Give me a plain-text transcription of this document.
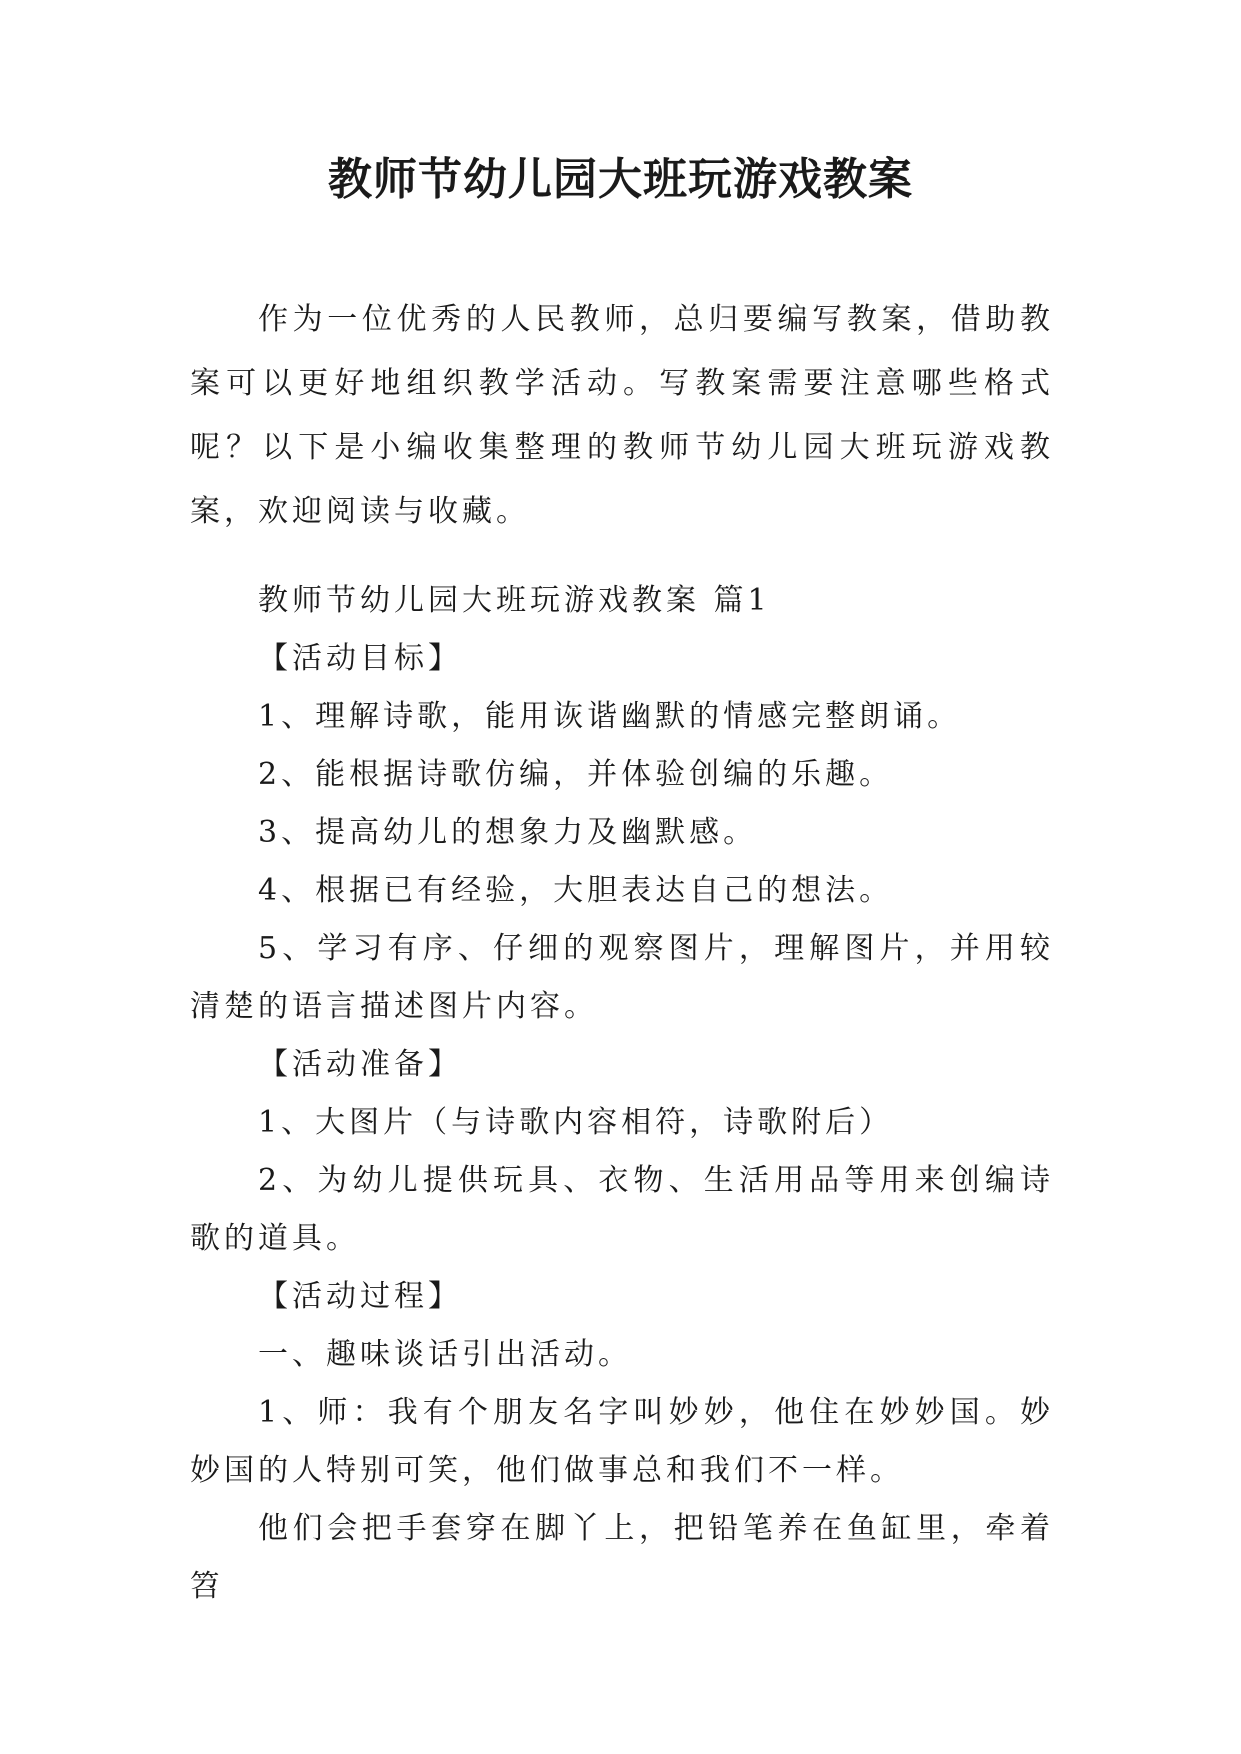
教师节幼儿园大班玩游戏教案

作为一位优秀的人民教师，总归要编写教案，借助教案可以更好地组织教学活动。写教案需要注意哪些格式呢？以下是小编收集整理的教师节幼儿园大班玩游戏教案，欢迎阅读与收藏。

教师节幼儿园大班玩游戏教案 篇1

【活动目标】

1、理解诗歌，能用诙谐幽默的情感完整朗诵。

2、能根据诗歌仿编，并体验创编的乐趣。

3、提高幼儿的想象力及幽默感。

4、根据已有经验，大胆表达自己的想法。

5、学习有序、仔细的观察图片，理解图片，并用较清楚的语言描述图片内容。

【活动准备】

1、大图片（与诗歌内容相符，诗歌附后）

2、为幼儿提供玩具、衣物、生活用品等用来创编诗歌的道具。

【活动过程】

一、趣味谈话引出活动。

1、师：我有个朋友名字叫妙妙，他住在妙妙国。妙妙国的人特别可笑，他们做事总和我们不一样。

他们会把手套穿在脚丫上，把铅笔养在鱼缸里，牵着笤
